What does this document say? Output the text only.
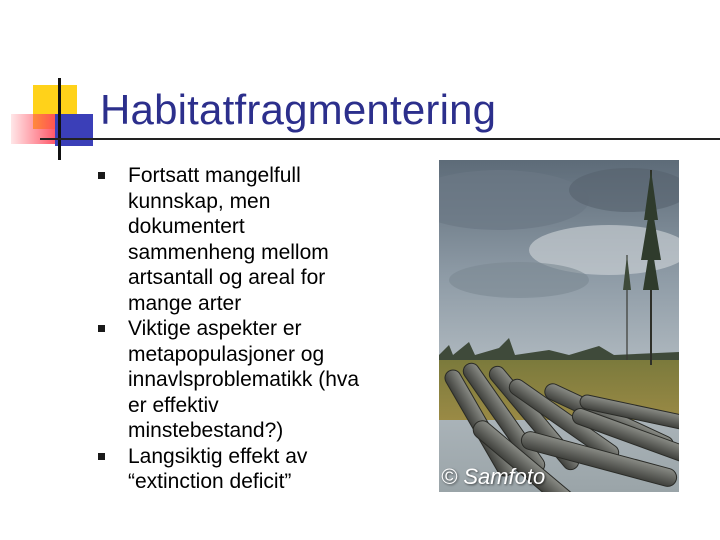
Habitatfragmentering
Fortsatt mangelfull kunnskap, men dokumentert sammenheng mellom artsantall og areal for mange arter
Viktige aspekter er metapopulasjoner og innavlsproblematikk (hva er effektiv minstebestand?)
Langsiktig effekt av “extinction deficit”	© Samfoto
